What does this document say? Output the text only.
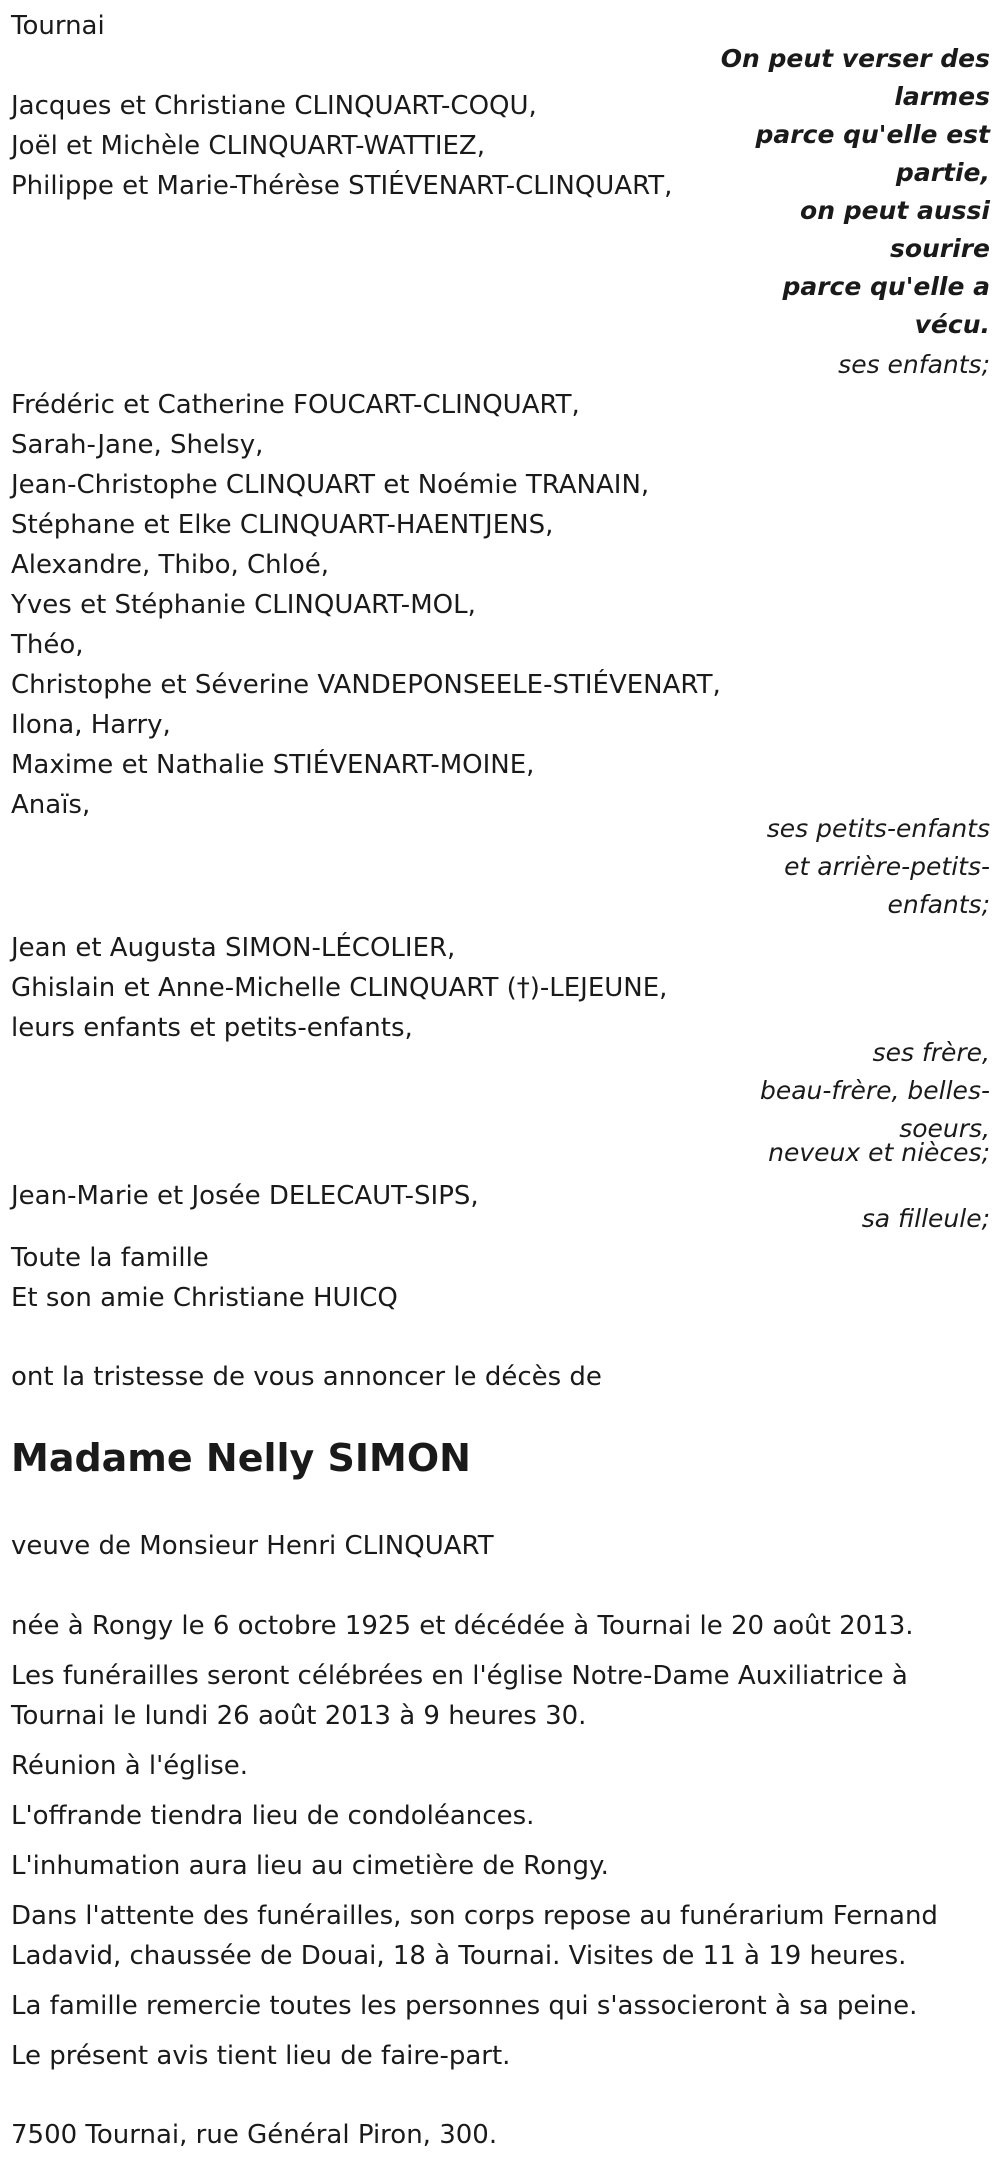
Tournai

On peut verser des

larmes

parce qu'elle est

partie,

on peut aussi

sourire

parce qu'elle a

vécu.

Jacques et Christiane CLINQUART-COQU,

Joël et Michèle CLINQUART-WATTIEZ,

Philippe et Marie-Thérèse STIÉVENART-CLINQUART,

ses enfants;

Frédéric et Catherine FOUCART-CLINQUART,

Sarah-Jane, Shelsy,

Jean-Christophe CLINQUART et Noémie TRANAIN,

Stéphane et Elke CLINQUART-HAENTJENS,

Alexandre, Thibo, Chloé,

Yves et Stéphanie CLINQUART-MOL,

Théo,

Christophe et Séverine VANDEPONSEELE-STIÉVENART,

Ilona, Harry,

Maxime et Nathalie STIÉVENART-MOINE,

Anaïs,

ses petits-enfants

et arrière-petits-

enfants;

Jean et Augusta SIMON-LÉCOLIER,

Ghislain et Anne-Michelle CLINQUART (†)-LEJEUNE,

leurs enfants et petits-enfants,

ses frère,

beau-frère, belles-

soeurs,

neveux et nièces;

Jean-Marie et Josée DELECAUT-SIPS,

sa filleule;

Toute la famille

Et son amie Christiane HUICQ

ont la tristesse de vous annoncer le décès de

Madame Nelly SIMON

veuve de Monsieur Henri CLINQUART

née à Rongy le 6 octobre 1925 et décédée à Tournai le 20 août 2013.

Les funérailles seront célébrées en l'église Notre-Dame Auxiliatrice à

Tournai le lundi 26 août 2013 à 9 heures 30.

Réunion à l'église.

L'offrande tiendra lieu de condoléances.

L'inhumation aura lieu au cimetière de Rongy.

Dans l'attente des funérailles, son corps repose au funérarium Fernand

Ladavid, chaussée de Douai, 18 à Tournai. Visites de 11 à 19 heures.

La famille remercie toutes les personnes qui s'associeront à sa peine.

Le présent avis tient lieu de faire-part.

7500 Tournai, rue Général Piron, 300.
